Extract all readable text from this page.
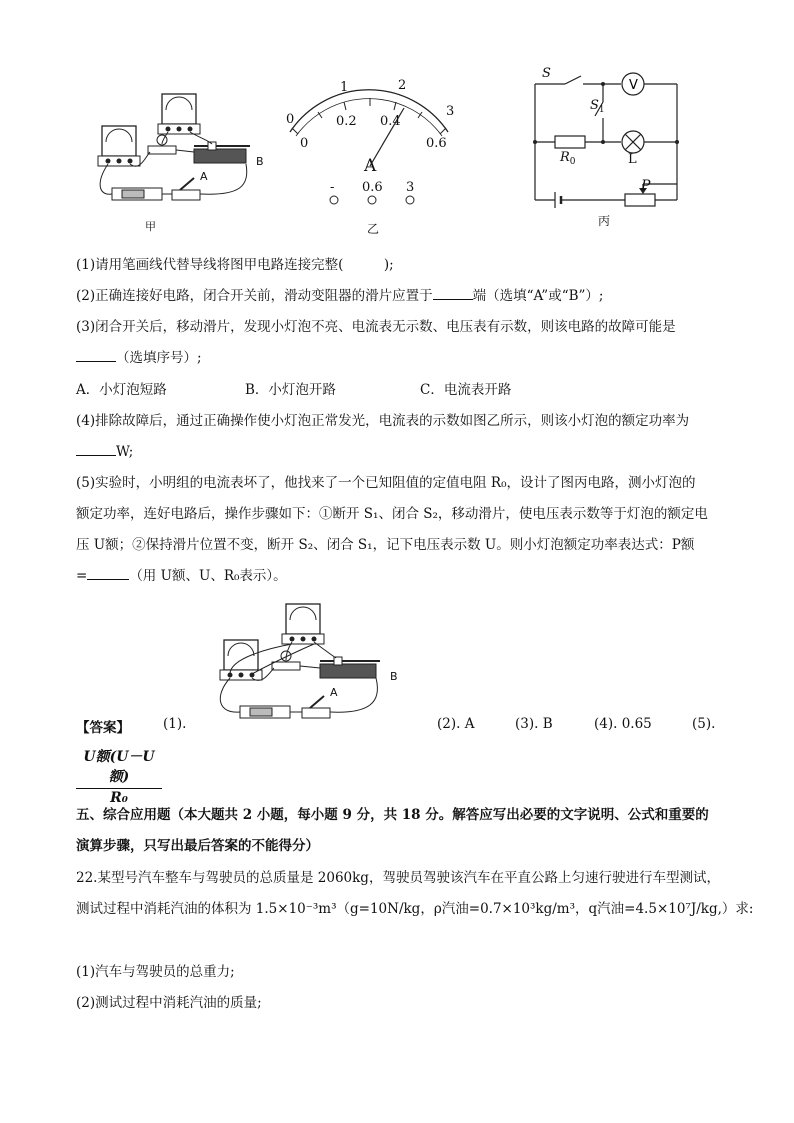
A
B
甲
0
1	2
3
0
0.2 0.4
0.6
A
- 0.6 3
乙
V
S
$S_1$
$R_0$	L
P
丙
(1)请用笔画线代替导线将图甲电路连接完整(　　　);
(2)正确连接好电路，闭合开关前，滑动变阻器的滑片应置于	端（选填“A”或“B”）;
(3)闭合开关后，移动滑片，发现小灯泡不亮、电流表无示数、电压表有示数，则该电路的故障可能是
（选填序号）;
A．小灯泡短路	B．小灯泡开路	C．电流表开路
(4)排除故障后，通过正确操作使小灯泡正常发光，电流表的示数如图乙所示，则该小灯泡的额定功率为
W;
(5)实验时，小明组的电流表坏了，他找来了一个已知阻值的定值电阻 R₀，设计了图丙电路，测小灯泡的
额定功率，连好电路后，操作步骤如下：①断开 S₁、闭合 S₂，移动滑片，使电压表示数等于灯泡的额定电
压 U额；②保持滑片位置不变，断开 S₂、闭合 S₁，记下电压表示数 U。则小灯泡额定功率表达式：P额
=	（用 U额、U、R₀表示）。
A
B
【答案】 (1).	(2). A	(3). B	(4). 0.65	(5).
U额(U－U额)
R₀
五、综合应用题（本大题共 2 小题，每小题 9 分，共 18 分。解答应写出必要的文字说明、公式和重要的
演算步骤，只写出最后答案的不能得分）
22.某型号汽车整车与驾驶员的总质量是 2060kg，驾驶员驾驶该汽车在平直公路上匀速行驶进行车型测试，
测试过程中消耗汽油的体积为 1.5×10⁻³m³（g=10N/kg，ρ汽油=0.7×10³kg/m³，q汽油=4.5×10⁷J/kg,）求:
(1)汽车与驾驶员的总重力;
(2)测试过程中消耗汽油的质量;
